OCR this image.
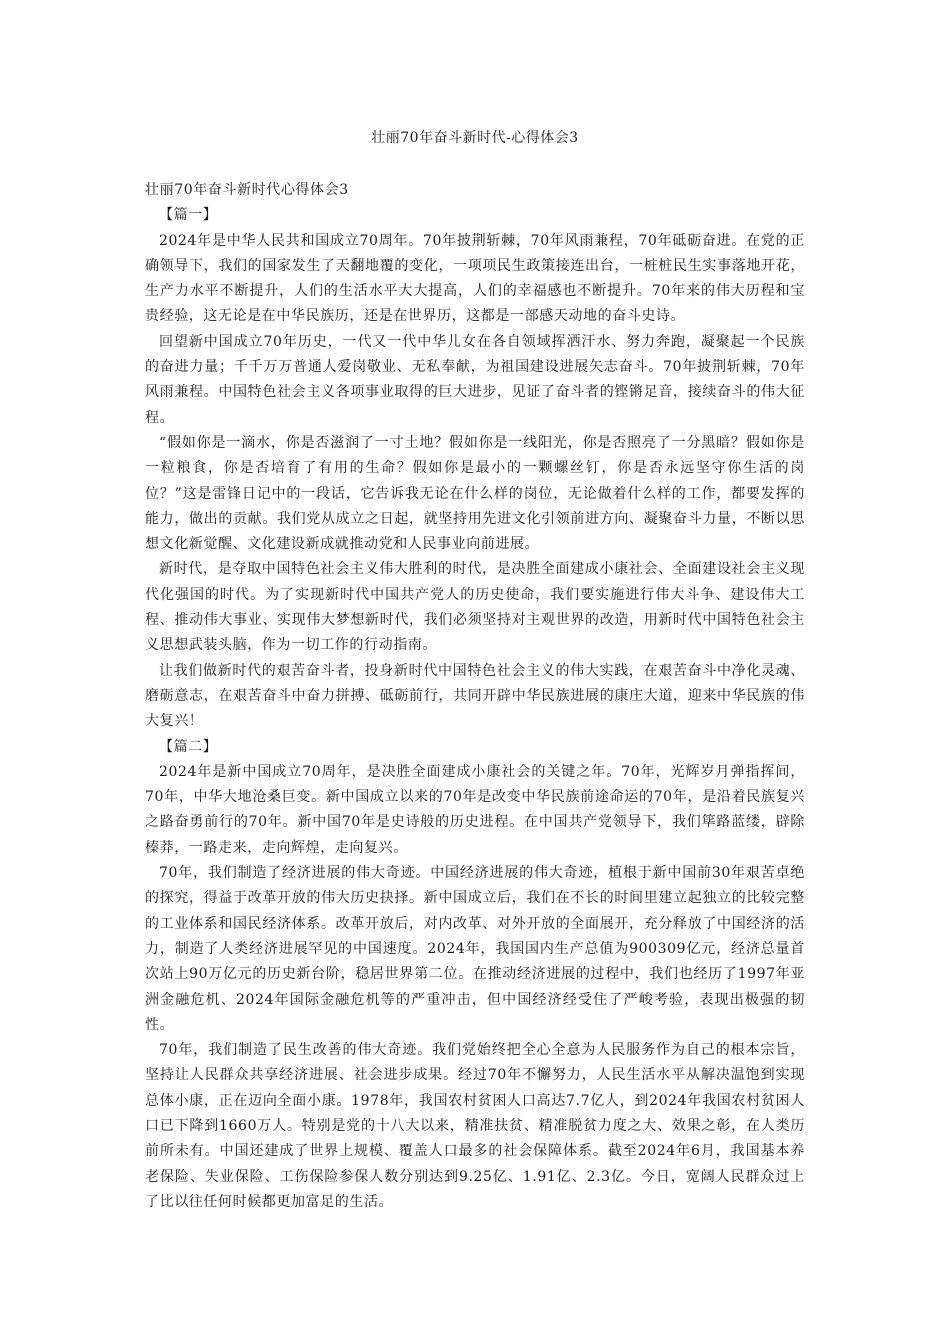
壮丽70年奋斗新时代-心得体会3

壮丽70年奋斗新时代心得体会3

【篇一】

2024年是中华人民共和国成立70周年。70年披荆斩棘，70年风雨兼程，70年砥砺奋进。在党的正确领导下，我们的国家发生了天翻地覆的变化，一项项民生政策接连出台，一桩桩民生实事落地开花，生产力水平不断提升，人们的生活水平大大提高，人们的幸福感也不断提升。70年来的伟大历程和宝贵经验，这无论是在中华民族历，还是在世界历，这都是一部感天动地的奋斗史诗。

回望新中国成立70年历史，一代又一代中华儿女在各自领域挥洒汗水、努力奔跑，凝聚起一个民族的奋进力量；千千万万普通人爱岗敬业、无私奉献，为祖国建设进展矢志奋斗。70年披荆斩棘，70年风雨兼程。中国特色社会主义各项事业取得的巨大进步，见证了奋斗者的铿锵足音，接续奋斗的伟大征程。

“假如你是一滴水，你是否滋润了一寸土地？假如你是一线阳光，你是否照亮了一分黑暗？假如你是一粒粮食，你是否培育了有用的生命？假如你是最小的一颗螺丝钉，你是否永远坚守你生活的岗位？”这是雷锋日记中的一段话，它告诉我无论在什么样的岗位，无论做着什么样的工作，都要发挥的能力，做出的贡献。我们党从成立之日起，就坚持用先进文化引领前进方向、凝聚奋斗力量，不断以思想文化新觉醒、文化建设新成就推动党和人民事业向前进展。

新时代，是夺取中国特色社会主义伟大胜利的时代，是决胜全面建成小康社会、全面建设社会主义现代化强国的时代。为了实现新时代中国共产党人的历史使命，我们要实施进行伟大斗争、建设伟大工程、推动伟大事业、实现伟大梦想新时代，我们必须坚持对主观世界的改造，用新时代中国特色社会主义思想武装头脑，作为一切工作的行动指南。

让我们做新时代的艰苦奋斗者，投身新时代中国特色社会主义的伟大实践，在艰苦奋斗中净化灵魂、磨砺意志，在艰苦奋斗中奋力拼搏、砥砺前行，共同开辟中华民族进展的康庄大道，迎来中华民族的伟大复兴！

【篇二】

2024年是新中国成立70周年，是决胜全面建成小康社会的关键之年。70年，光辉岁月弹指挥间，70年，中华大地沧桑巨变。新中国成立以来的70年是改变中华民族前途命运的70年，是沿着民族复兴之路奋勇前行的70年。新中国70年是史诗般的历史进程。在中国共产党领导下，我们筚路蓝缕，辟除榛莽，一路走来，走向辉煌，走向复兴。

70年，我们制造了经济进展的伟大奇迹。中国经济进展的伟大奇迹，植根于新中国前30年艰苦卓绝的探究，得益于改革开放的伟大历史抉择。新中国成立后，我们在不长的时间里建立起独立的比较完整的工业体系和国民经济体系。改革开放后，对内改革、对外开放的全面展开，充分释放了中国经济的活力，制造了人类经济进展罕见的中国速度。2024年，我国国内生产总值为900309亿元，经济总量首次站上90万亿元的历史新台阶，稳居世界第二位。在推动经济进展的过程中，我们也经历了1997年亚洲金融危机、2024年国际金融危机等的严重冲击，但中国经济经受住了严峻考验，表现出极强的韧性。

70年，我们制造了民生改善的伟大奇迹。我们党始终把全心全意为人民服务作为自己的根本宗旨，坚持让人民群众共享经济进展、社会进步成果。经过70年不懈努力，人民生活水平从解决温饱到实现总体小康，正在迈向全面小康。1978年，我国农村贫困人口高达7.7亿人，到2024年我国农村贫困人口已下降到1660万人。特别是党的十八大以来，精准扶贫、精准脱贫力度之大、效果之彰，在人类历前所未有。中国还建成了世界上规模、覆盖人口最多的社会保障体系。截至2024年6月，我国基本养老保险、失业保险、工伤保险参保人数分别达到9.25亿、1.91亿、2.3亿。今日，宽阔人民群众过上了比以往任何时候都更加富足的生活。
